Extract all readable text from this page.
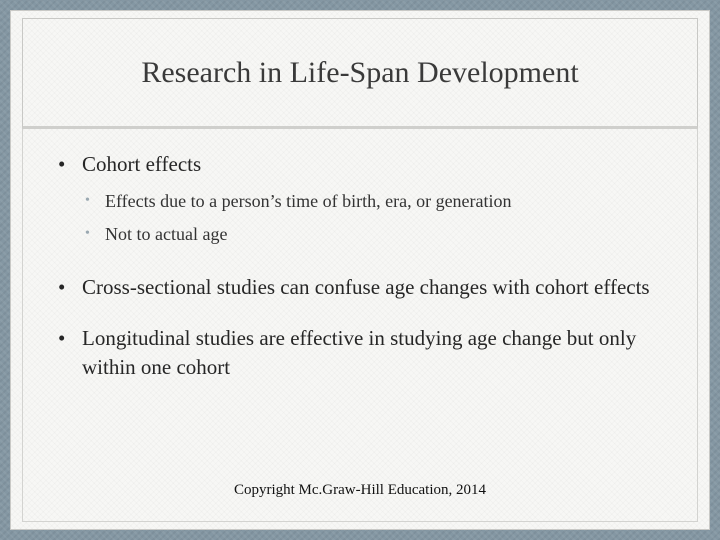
Research in Life-Span Development
• Cohort effects
• Effects due to a person’s time of birth, era, or generation
• Not to actual age
• Cross-sectional studies can confuse age changes with cohort effects
• Longitudinal studies are effective in studying age change but only within one cohort
Copyright Mc.Graw-Hill Education, 2014
